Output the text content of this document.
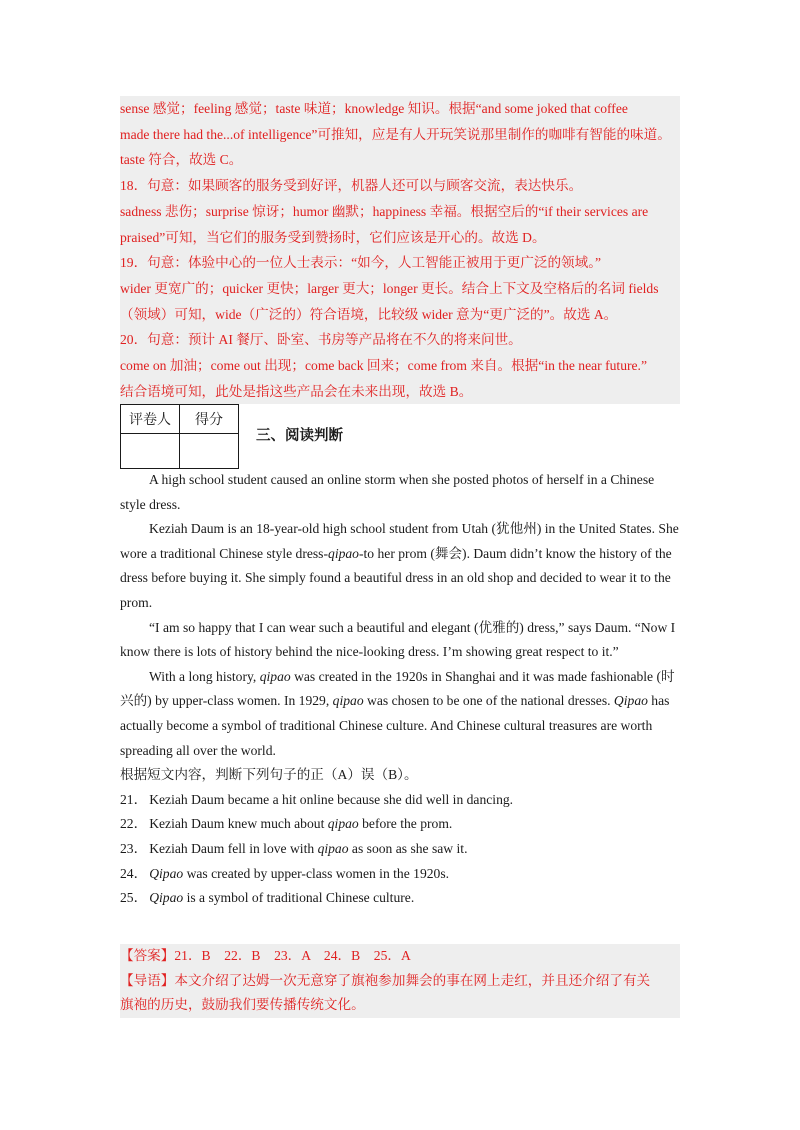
sense 感觉；feeling 感觉；taste 味道；knowledge 知识。根据“and some joked that coffee

made there had the...of intelligence”可推知，应是有人开玩笑说那里制作的咖啡有智能的味道。

taste 符合，故选 C。

18．句意：如果顾客的服务受到好评，机器人还可以与顾客交流，表达快乐。

sadness 悲伤；surprise 惊讶；humor 幽默；happiness 幸福。根据空后的“if their services are

praised”可知，当它们的服务受到赞扬时，它们应该是开心的。故选 D。

19．句意：体验中心的一位人士表示：“如今，人工智能正被用于更广泛的领域。”

wider 更宽广的；quicker 更快；larger 更大；longer 更长。结合上下文及空格后的名词 fields

（领域）可知，wide（广泛的）符合语境，比较级 wider 意为“更广泛的”。故选 A。

20．句意：预计 AI 餐厅、卧室、书房等产品将在不久的将来问世。

come on 加油；come out 出现；come back 回来；come from 来自。根据“in the near future.”

结合语境可知，此处是指这些产品会在未来出现，故选 B。

评卷人	得分

三、阅读判断

A high school student caused an online storm when she posted photos of herself in a Chinese style dress.

Keziah Daum is an 18-year-old high school student from Utah (犹他州) in the United States. She wore a traditional Chinese style dress-qipao-to her prom (舞会). Daum didn’t know the history of the dress before buying it. She simply found a beautiful dress in an old shop and decided to wear it to the prom.

“I am so happy that I can wear such a beautiful and elegant (优雅的) dress,” says Daum. “Now I know there is lots of history behind the nice-looking dress. I’m showing great respect to it.”

With a long history, qipao was created in the 1920s in Shanghai and it was made fashionable (时兴的) by upper-class women. In 1929, qipao was chosen to be one of the national dresses. Qipao has actually become a symbol of traditional Chinese culture. And Chinese cultural treasures are worth spreading all over the world.

根据短文内容，判断下列句子的正（A）误（B）。

21． Keziah Daum became a hit online because she did well in dancing.

22． Keziah Daum knew much about qipao before the prom.

23． Keziah Daum fell in love with qipao as soon as she saw it.

24． Qipao was created by upper-class women in the 1920s.

25． Qipao is a symbol of traditional Chinese culture.

【答案】21．B　22．B　23．A　24．B　25．A

【导语】本文介绍了达姆一次无意穿了旗袍参加舞会的事在网上走红，并且还介绍了有关

旗袍的历史，鼓励我们要传播传统文化。
